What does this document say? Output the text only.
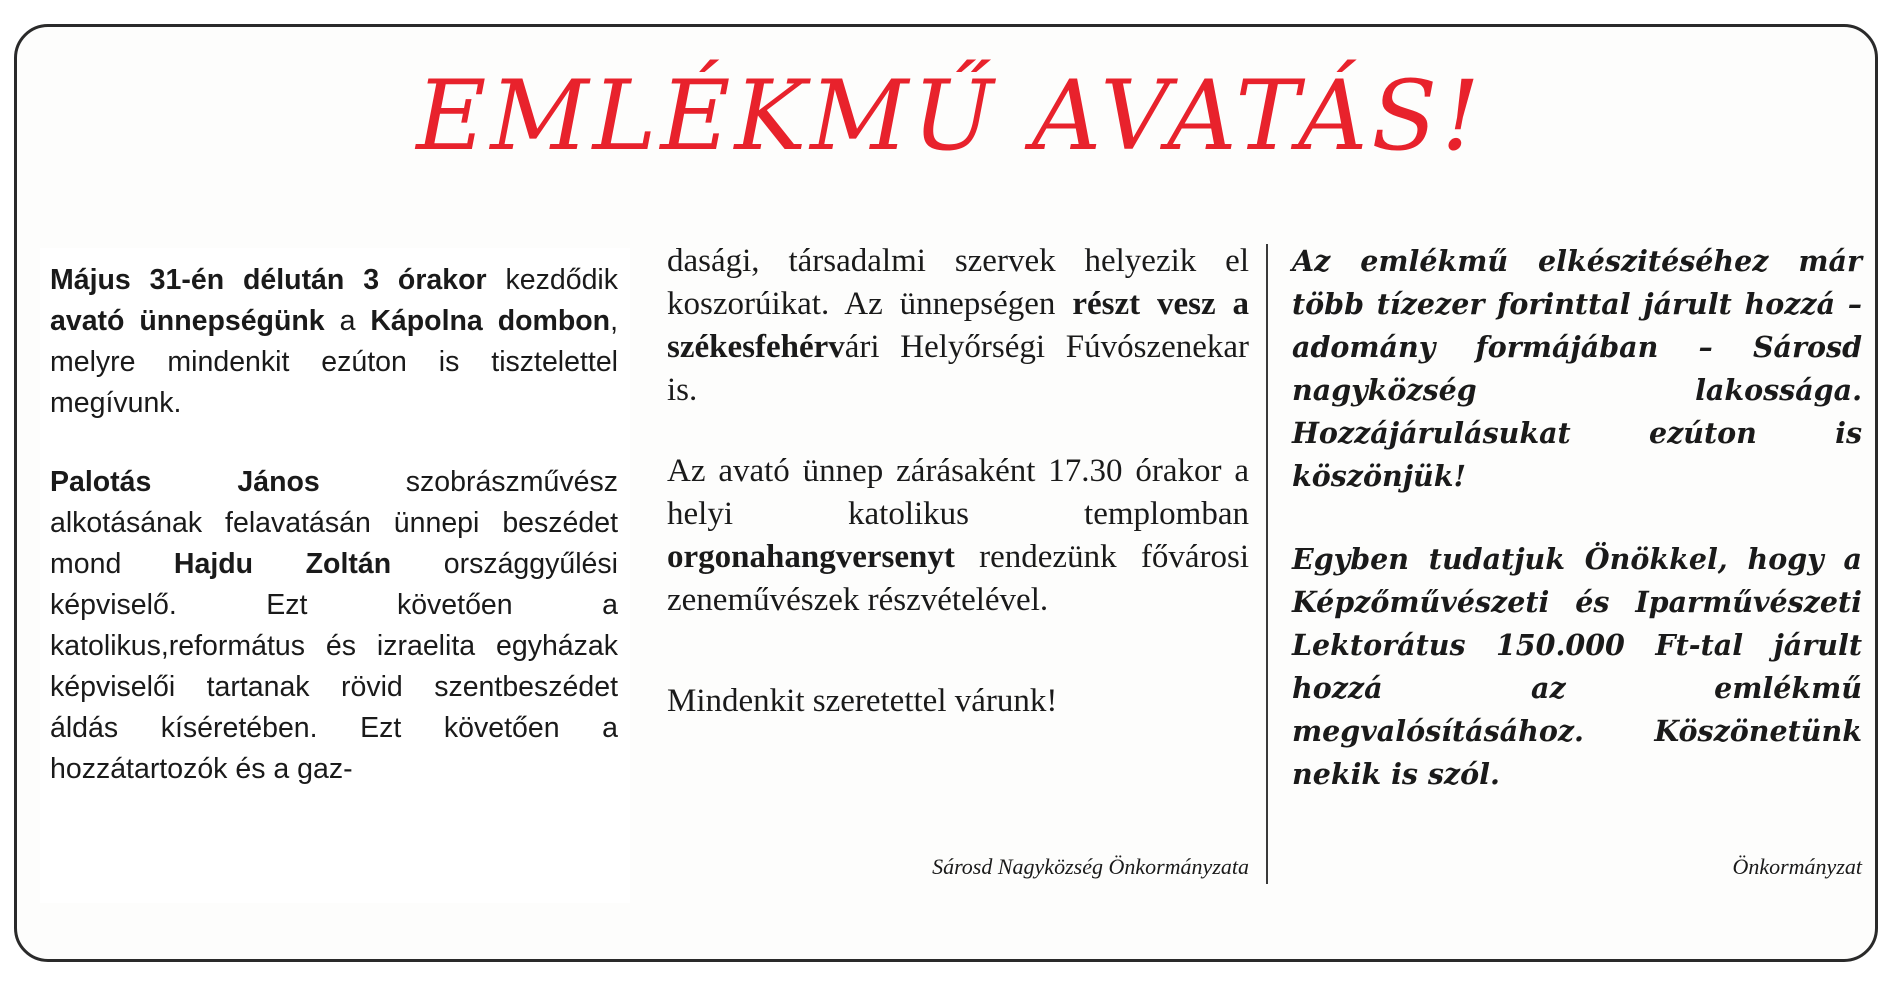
EMLÉKMŰ AVATÁS!

Május 31-én délután 3 órakor kezdődik avató ünnepségünk a Kápolna dombon, melyre mindenkit ezúton is tisztelettel megívunk.

Palotás János szobrászművész alkotásának felavatásán ünnepi beszédet mond Hajdu Zoltán országgyűlési képviselő. Ezt követően a katolikus,református és izraelita egyházak képviselői tartanak rövid szentbeszédet áldás kíséretében. Ezt követően a hozzátartozók és a gaz-

dasági, társadalmi szervek helyezik el koszorúikat. Az ünnepségen részt vesz a székesfehérvári Helyőrségi Fúvószenekar is.

Az avató ünnep zárásaként 17.30 órakor a helyi katolikus templomban orgonahangversenyt rendezünk fővárosi zeneművészek részvételével.

Mindenkit szeretettel várunk!

Sárosd Nagyközség Önkormányzata

Az emlékmű elkészitéséhez már több tízezer forinttal járult hozzá – adomány formájában – Sárosd nagyközség lakossága. Hozzájárulásukat ezúton is köszönjük!

Egyben tudatjuk Önökkel, hogy a Képzőművészeti és Iparművészeti Lektorátus 150.000 Ft-tal járult hozzá az emlékmű megvalósításához. Köszönetünk nekik is szól.

Önkormányzat
